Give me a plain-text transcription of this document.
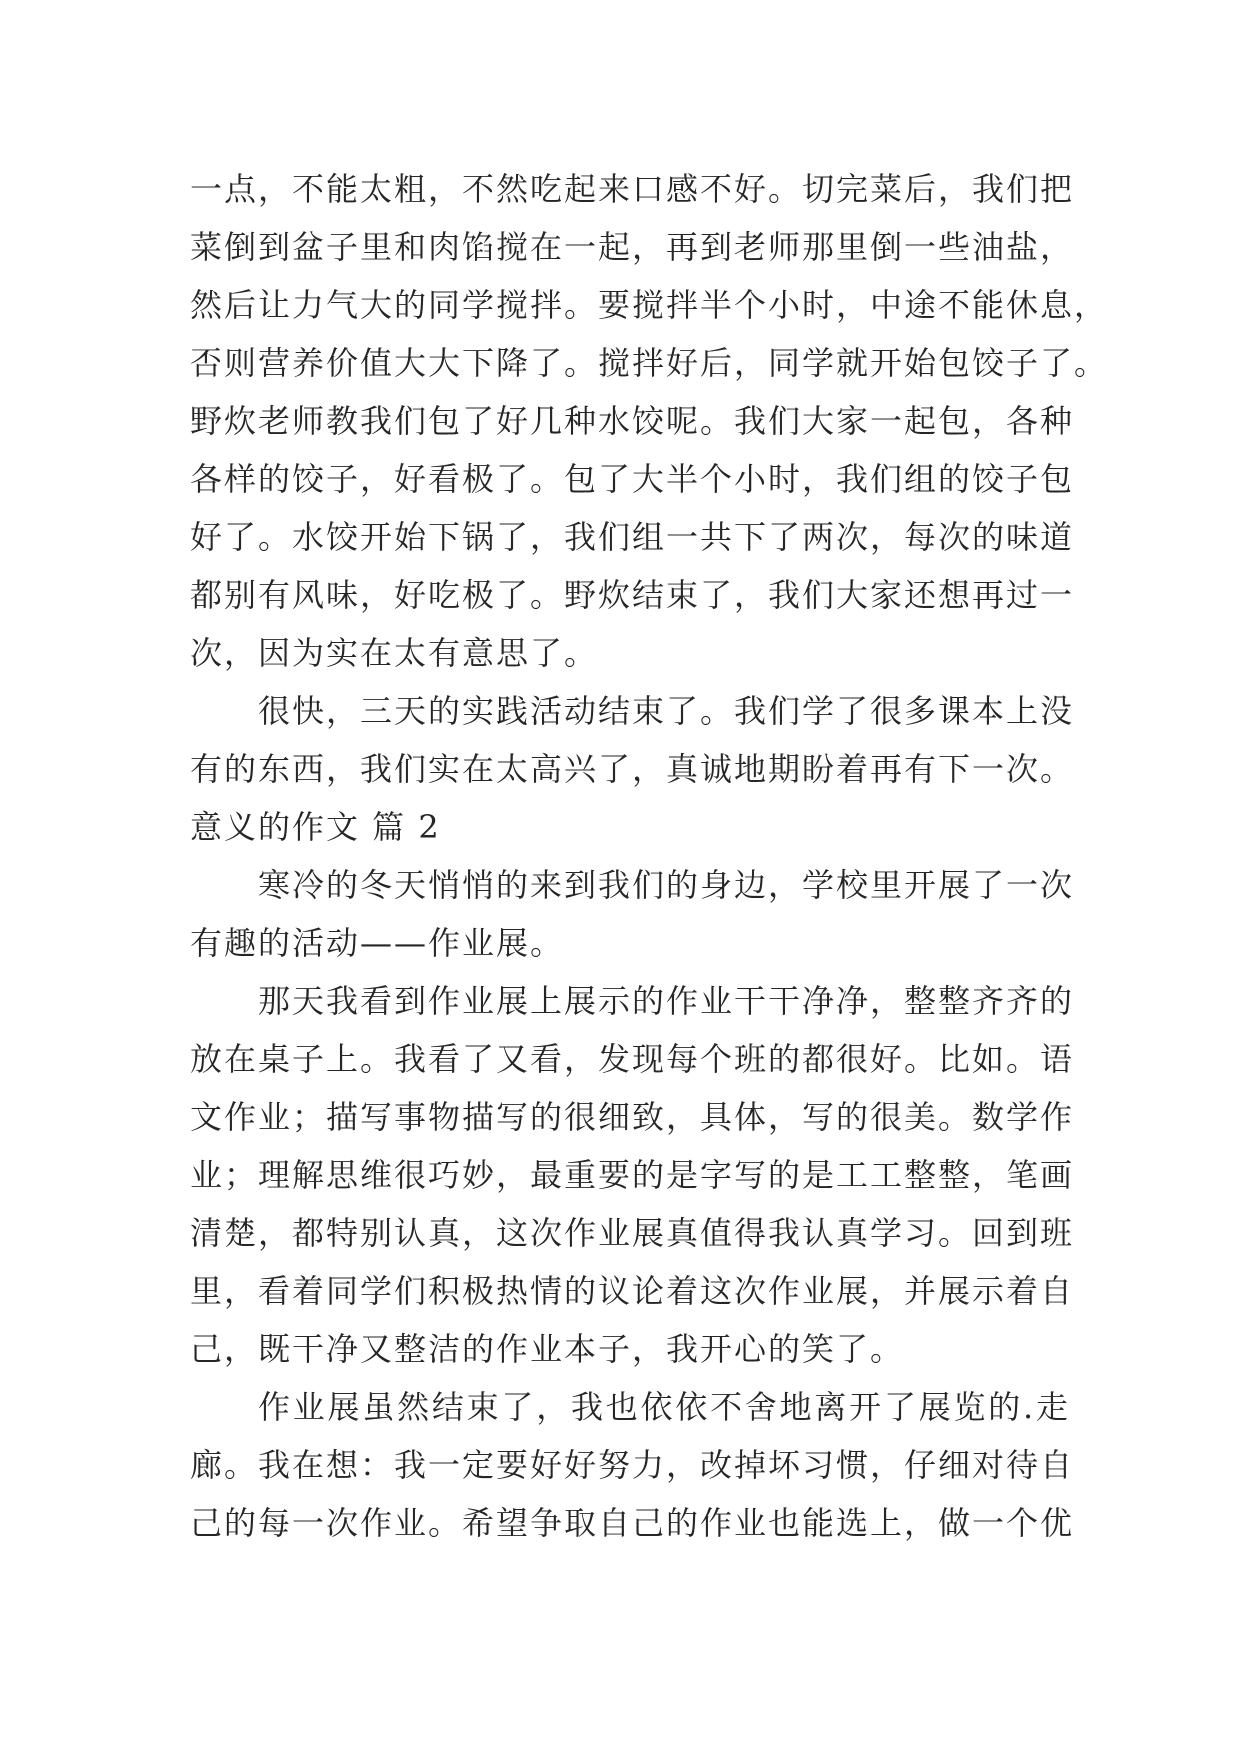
一点，不能太粗，不然吃起来口感不好。切完菜后，我们把
菜倒到盆子里和肉馅搅在一起，再到老师那里倒一些油盐，
然后让力气大的同学搅拌。要搅拌半个小时，中途不能休息，
否则营养价值大大下降了。搅拌好后，同学就开始包饺子了。
野炊老师教我们包了好几种水饺呢。我们大家一起包，各种
各样的饺子，好看极了。包了大半个小时，我们组的饺子包
好了。水饺开始下锅了，我们组一共下了两次，每次的味道
都别有风味，好吃极了。野炊结束了，我们大家还想再过一
次，因为实在太有意思了。
很快，三天的实践活动结束了。我们学了很多课本上没
有的东西，我们实在太高兴了，真诚地期盼着再有下一次。
意义的作文 篇 2
寒冷的冬天悄悄的来到我们的身边，学校里开展了一次
有趣的活动——作业展。
那天我看到作业展上展示的作业干干净净，整整齐齐的
放在桌子上。我看了又看，发现每个班的都很好。比如。语
文作业；描写事物描写的很细致，具体，写的很美。数学作
业；理解思维很巧妙，最重要的是字写的是工工整整，笔画
清楚，都特别认真，这次作业展真值得我认真学习。回到班
里，看着同学们积极热情的议论着这次作业展，并展示着自
己，既干净又整洁的作业本子，我开心的笑了。
作业展虽然结束了，我也依依不舍地离开了展览的.走
廊。我在想：我一定要好好努力，改掉坏习惯，仔细对待自
己的每一次作业。希望争取自己的作业也能选上，做一个优
